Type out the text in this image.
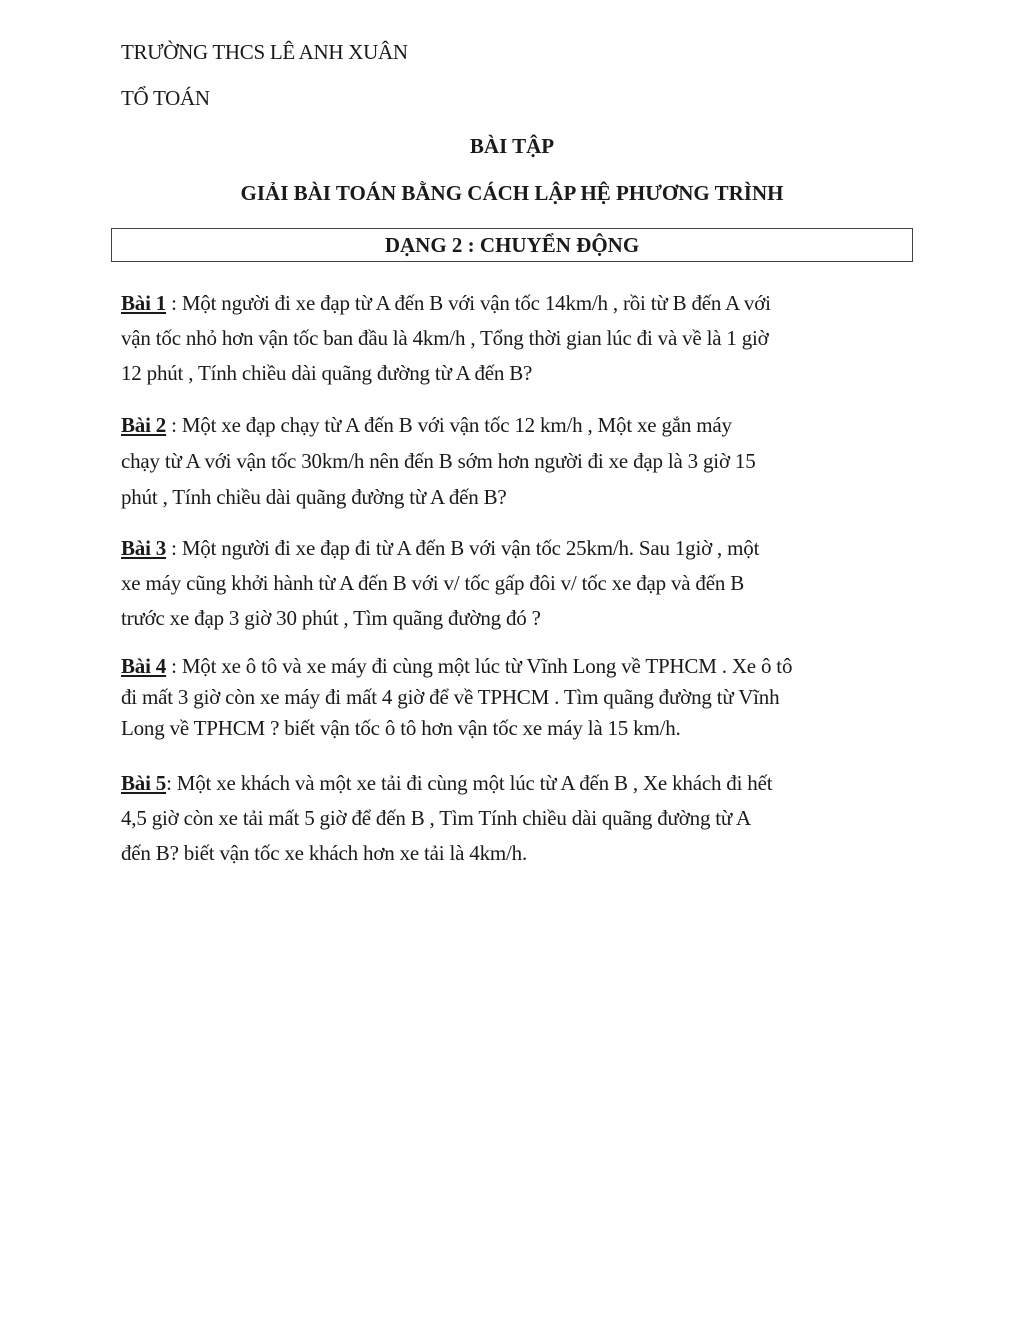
TRƯỜNG THCS LÊ ANH XUÂN
TỔ TOÁN
BÀI TẬP
GIẢI BÀI TOÁN BẰNG CÁCH LẬP HỆ PHƯƠNG TRÌNH
DẠNG 2 : CHUYỂN ĐỘNG
Bài 1 : Một người đi xe đạp từ A đến B với vận tốc 14km/h , rồi từ B đến A với
vận tốc nhỏ hơn vận tốc ban đầu là 4km/h , Tổng thời gian lúc đi và về là 1 giờ
12 phút , Tính chiều dài quãng đường từ A đến B?
Bài 2 : Một xe đạp chạy từ A đến B với vận tốc 12 km/h , Một xe gắn máy
chạy từ A với vận tốc 30km/h nên đến B sớm hơn người đi xe đạp là 3 giờ 15
phút , Tính chiều dài quãng đường từ A đến B?
Bài 3 : Một người đi xe đạp đi từ A đến B với vận tốc 25km/h. Sau 1giờ , một
xe máy cũng khởi hành từ A đến B với v/ tốc gấp đôi v/ tốc xe đạp và đến B
trước xe đạp 3 giờ 30 phút , Tìm quãng đường đó ?
Bài 4 : Một xe ô tô và xe máy đi cùng một lúc từ Vĩnh Long về TPHCM . Xe ô tô
đi mất 3 giờ còn xe máy đi mất 4 giờ để về TPHCM . Tìm quãng đường từ Vĩnh
Long về TPHCM ? biết vận tốc ô tô hơn vận tốc xe máy là 15 km/h.
Bài 5: Một xe khách và một xe tải đi cùng một lúc từ A đến B , Xe khách đi hết
4,5 giờ còn xe tải mất 5 giờ để đến B , Tìm Tính chiều dài quãng đường từ A
đến B? biết vận tốc xe khách hơn xe tải là 4km/h.
